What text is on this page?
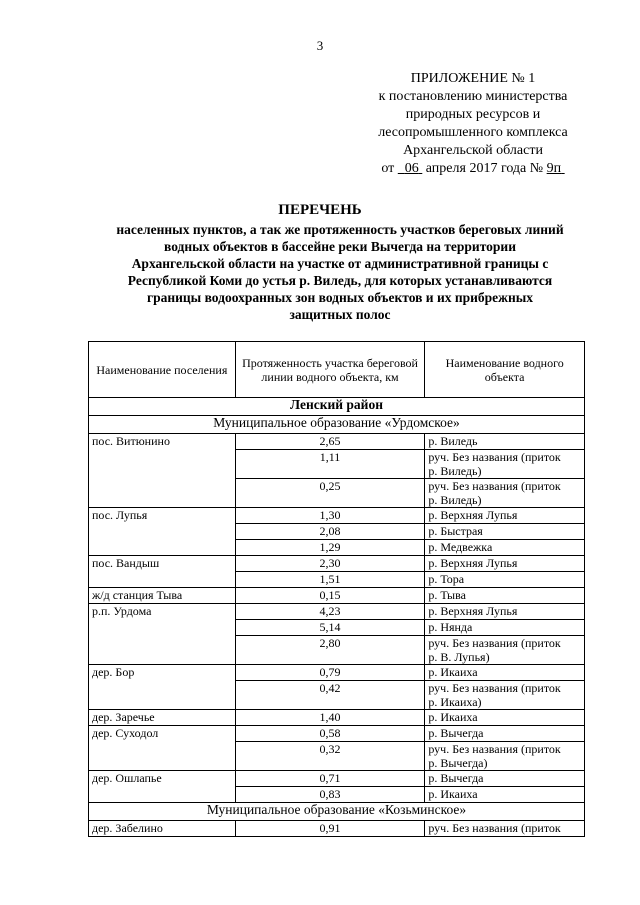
3
ПРИЛОЖЕНИЕ № 1
к постановлению министерства
природных ресурсов и
лесопромышленного комплекса
Архангельской области
от 06 апреля 2017 года № 9п
ПЕРЕЧЕНЬ
населенных пунктов, а так же протяженность участков береговых линий
водных объектов в бассейне реки Вычегда на территории
Архангельской области на участке от административной границы с
Республикой Коми до устья р. Виледь, для которых устанавливаются
границы водоохранных зон водных объектов и их прибрежных
защитных полос
Наименование поселения	Протяженность участка береговой линии водного объекта, км	Наименование водного объекта
Ленский район		
Муниципальное образование «Урдомское»		
пос. Витюнино	2,65	р. Виледь
	1,11	руч. Без названия (приток
р. Виледь)

	0,25	руч. Без названия (приток
р. Виледь)

пос. Лупья	1,30	р. Верхняя Лупья
	2,08	р. Быстрая
	1,29	р. Медвежка
пос. Вандыш	2,30	р. Верхняя Лупья
	1,51	р. Тора
ж/д станция Тыва	0,15	р. Тыва
р.п. Урдома	4,23	р. Верхняя Лупья
	5,14	р. Нянда
	2,80	руч. Без названия (приток
р. В. Лупья)

дер. Бор	0,79	р. Икаиха
	0,42	руч. Без названия (приток
р. Икаиха)

дер. Заречье	1,40	р. Икаиха
дер. Суходол	0,58	р. Вычегда
	0,32	руч. Без названия (приток
р. Вычегда)

дер. Ошлапье	0,71	р. Вычегда
	0,83	р. Икаиха
Муниципальное образование «Козьминское»		
дер. Забелино	0,91	руч. Без названия (приток
